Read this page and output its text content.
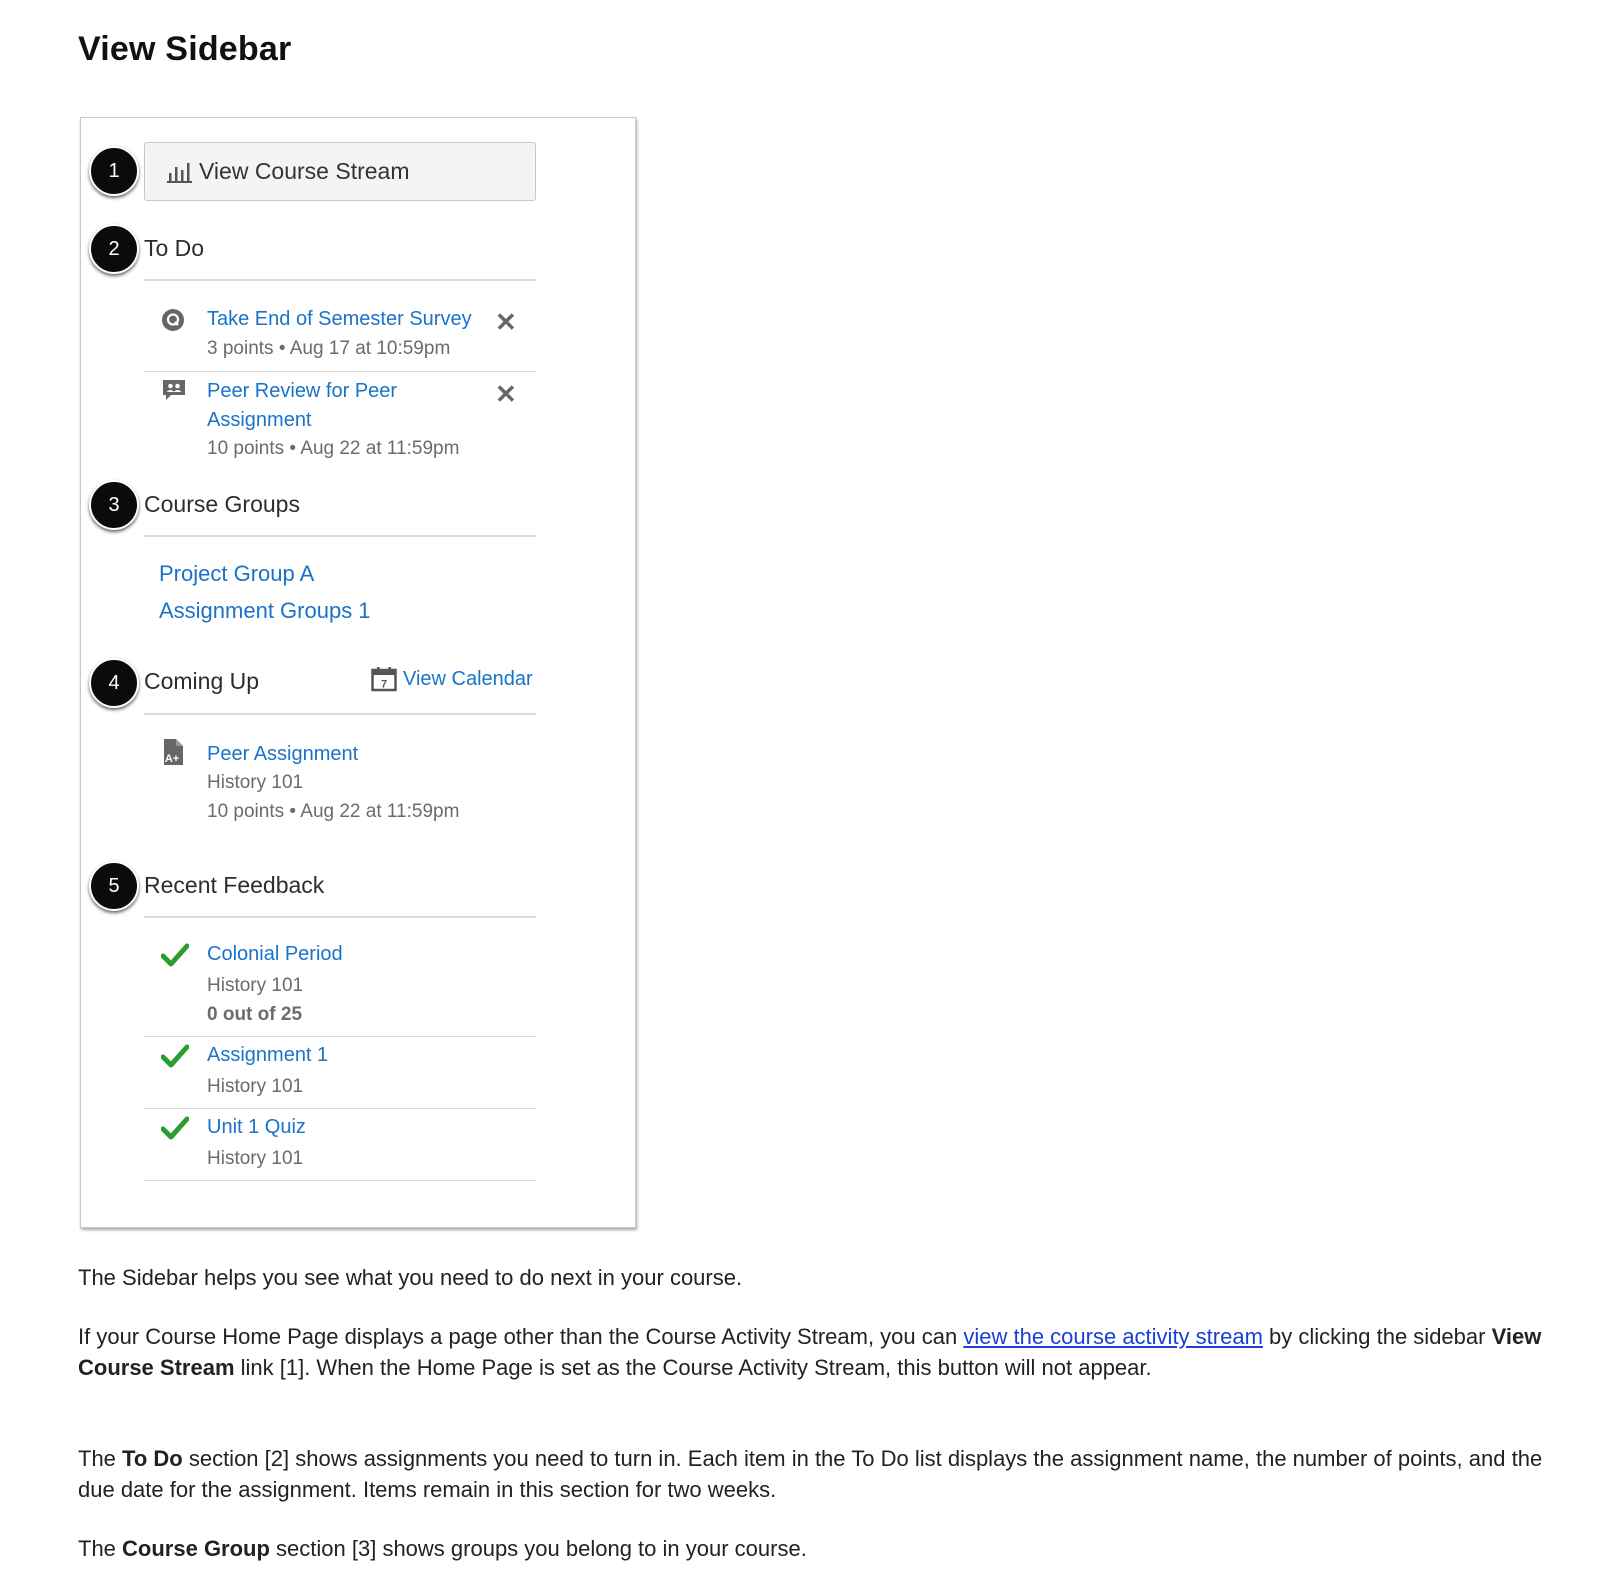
View Sidebar
1	View Course Stream
2	To Do
Take End of Semester Survey
3 points • Aug 17 at 10:59pm
✕
Peer Review for Peer
Assignment
10 points • Aug 22 at 11:59pm
✕
3	Course Groups
Project Group A
Assignment Groups 1
4	Coming Up	7 View Calendar
A+ Peer Assignment
History 101
10 points • Aug 22 at 11:59pm
5	Recent Feedback
Colonial Period
History 101
0 out of 25
Assignment 1
History 101
Unit 1 Quiz
History 101

The Sidebar helps you see what you need to do next in your course.

If your Course Home Page displays a page other than the Course Activity Stream, you can view the course activity stream by clicking the sidebar View Course Stream link [1]. When the Home Page is set as the Course Activity Stream, this button will not appear.

The To Do section [2] shows assignments you need to turn in. Each item in the To Do list displays the assignment name, the number of points, and the due date for the assignment. Items remain in this section for two weeks.

The Course Group section [3] shows groups you belong to in your course.
